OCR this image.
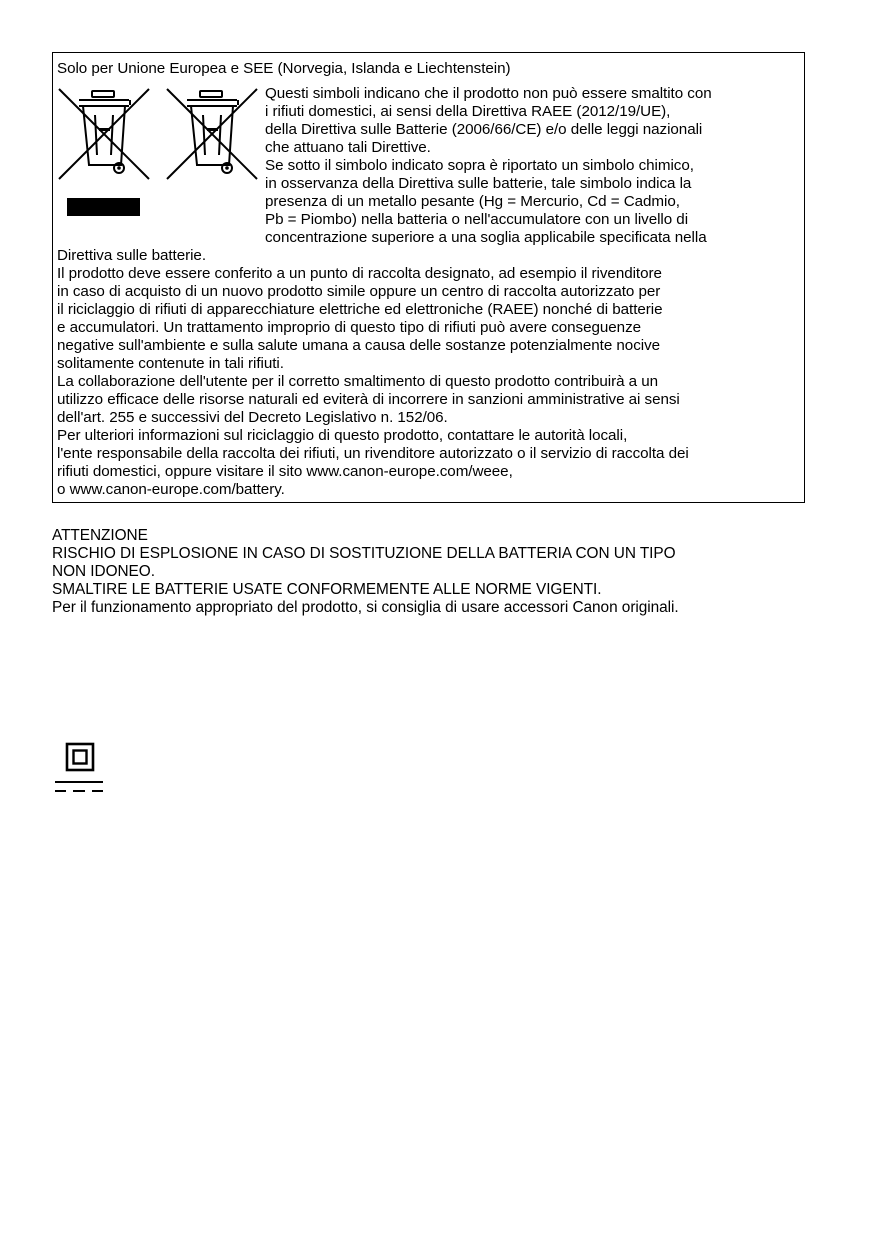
Solo per Unione Europea e SEE (Norvegia, Islanda e Liechtenstein)
Questi simboli indicano che il prodotto non può essere smaltito con
i rifiuti domestici, ai sensi della Direttiva RAEE (2012/19/UE),
della Direttiva sulle Batterie (2006/66/CE) e/o delle leggi nazionali
che attuano tali Direttive.
Se sotto il simbolo indicato sopra è riportato un simbolo chimico,
in osservanza della Direttiva sulle batterie, tale simbolo indica la
presenza di un metallo pesante (Hg = Mercurio, Cd = Cadmio,
Pb = Piombo) nella batteria o nell'accumulatore con un livello di
concentrazione superiore a una soglia applicabile specificata nella
Direttiva sulle batterie.
Il prodotto deve essere conferito a un punto di raccolta designato, ad esempio il rivenditore
in caso di acquisto di un nuovo prodotto simile oppure un centro di raccolta autorizzato per
il riciclaggio di rifiuti di apparecchiature elettriche ed elettroniche (RAEE) nonché di batterie
e accumulatori. Un trattamento improprio di questo tipo di rifiuti può avere conseguenze
negative sull'ambiente e sulla salute umana a causa delle sostanze potenzialmente nocive
solitamente contenute in tali rifiuti.
La collaborazione dell'utente per il corretto smaltimento di questo prodotto contribuirà a un
utilizzo efficace delle risorse naturali ed eviterà di incorrere in sanzioni amministrative ai sensi
dell'art. 255 e successivi del Decreto Legislativo n. 152/06.
Per ulteriori informazioni sul riciclaggio di questo prodotto, contattare le autorità locali,
l'ente responsabile della raccolta dei rifiuti, un rivenditore autorizzato o il servizio di raccolta dei
rifiuti domestici, oppure visitare il sito www.canon-europe.com/weee,
o www.canon-europe.com/battery.
ATTENZIONE
RISCHIO DI ESPLOSIONE IN CASO DI SOSTITUZIONE DELLA BATTERIA CON UN TIPO
NON IDONEO.
SMALTIRE LE BATTERIE USATE CONFORMEMENTE ALLE NORME VIGENTI.
Per il funzionamento appropriato del prodotto, si consiglia di usare accessori Canon originali.
